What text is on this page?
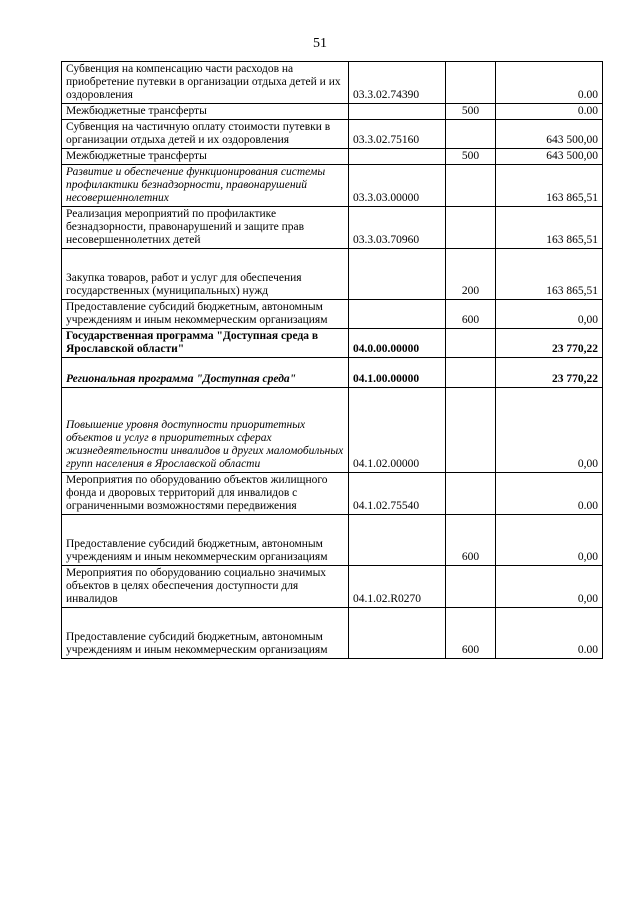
51
Субвенция на компенсацию части расходов на приобретение путевки в организации отдыха детей и их оздоровления	03.3.02.74390		0.00
Межбюджетные трансферты		500	0.00
Субвенция на частичную оплату стоимости путевки в организации отдыха детей и их оздоровления	03.3.02.75160		643 500,00
Межбюджетные трансферты		500	643 500,00
Развитие и обеспечение функционирования системы профилактики безнадзорности, правонарушений несовершеннолетних	03.3.03.00000		163 865,51
Реализация мероприятий по профилактике безнадзорности, правонарушений и защите прав несовершеннолетних детей	03.3.03.70960		163 865,51
Закупка товаров, работ и услуг для обеспечения государственных (муниципальных) нужд		200	163 865,51
Предоставление субсидий бюджетным, автономным учреждениям и иным некоммерческим организациям		600	0,00
Государственная программа "Доступная среда в Ярославской области"	04.0.00.00000		23 770,22
Региональная программа "Доступная среда"	04.1.00.00000		23 770,22
Повышение уровня доступности приоритетных объектов и услуг в приоритетных сферах жизнедеятельности инвалидов и других маломобильных групп населения в Ярославской области	04.1.02.00000		0,00
Мероприятия по оборудованию объектов жилищного фонда и дворовых территорий для инвалидов с ограниченными возможностями передвижения	04.1.02.75540		0.00
Предоставление субсидий бюджетным, автономным учреждениям и иным некоммерческим организациям		600	0,00
Мероприятия по оборудованию социально значимых объектов в целях обеспечения доступности для инвалидов	04.1.02.R0270		0,00
Предоставление субсидий бюджетным, автономным учреждениям и иным некоммерческим организациям		600	0.00
